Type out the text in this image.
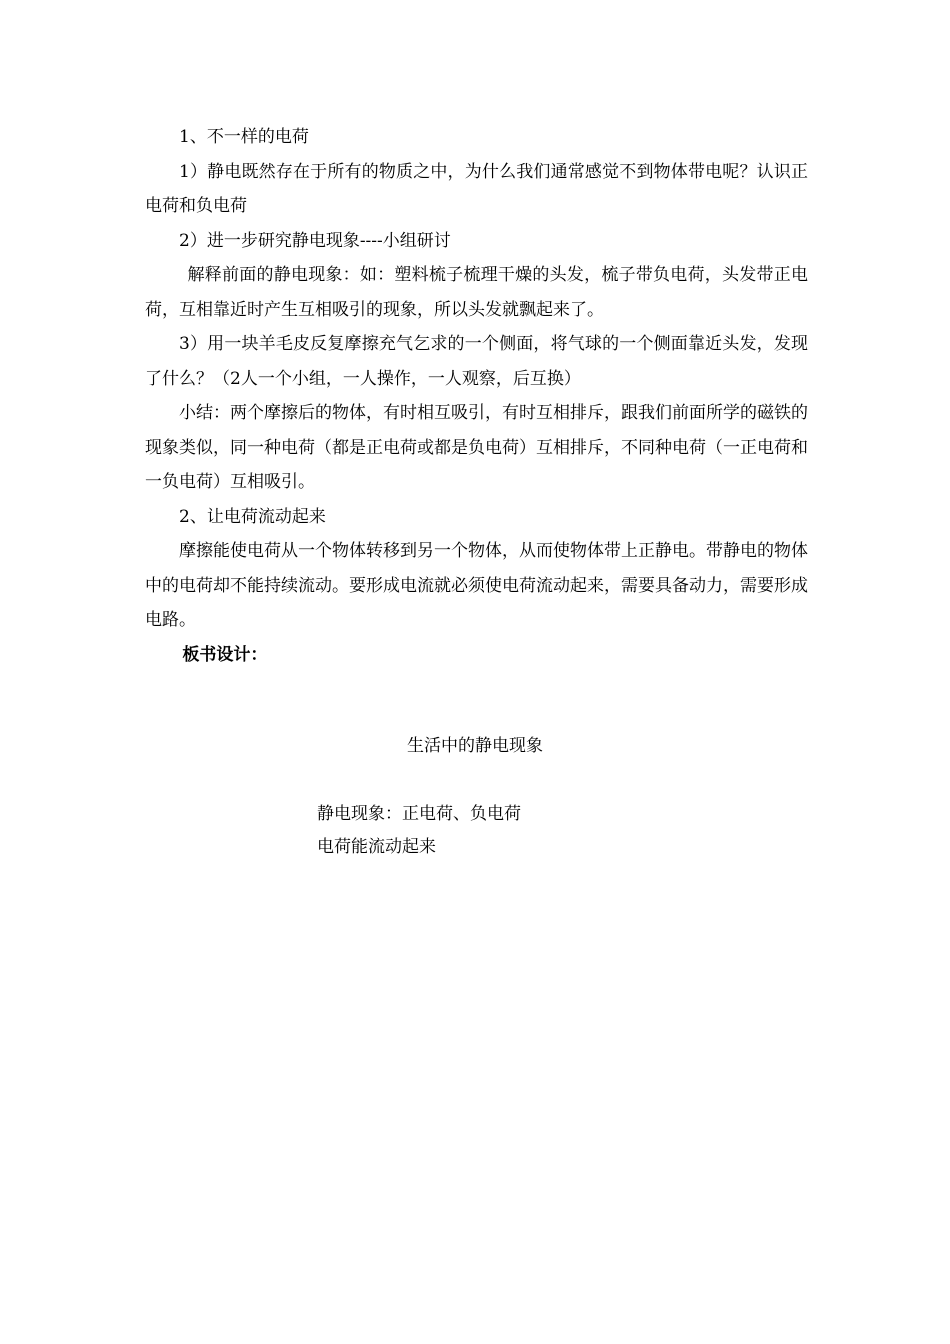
1、不一样的电荷

1）静电既然存在于所有的物质之中，为什么我们通常感觉不到物体带电呢？认识正电荷和负电荷

2）进一步研究静电现象----小组研讨

解释前面的静电现象：如：塑料梳子梳理干燥的头发，梳子带负电荷，头发带正电荷，互相靠近时产生互相吸引的现象，所以头发就飘起来了。

3）用一块羊毛皮反复摩擦充气乞求的一个侧面，将气球的一个侧面靠近头发，发现了什么？（2人一个小组，一人操作，一人观察，后互换）

小结：两个摩擦后的物体，有时相互吸引，有时互相排斥，跟我们前面所学的磁铁的现象类似，同一种电荷（都是正电荷或都是负电荷）互相排斥，不同种电荷（一正电荷和一负电荷）互相吸引。

2、让电荷流动起来

摩擦能使电荷从一个物体转移到另一个物体，从而使物体带上正静电。带静电的物体中的电荷却不能持续流动。要形成电流就必须使电荷流动起来，需要具备动力，需要形成电路。

板书设计：

生活中的静电现象
静电现象：正电荷、负电荷
电荷能流动起来
